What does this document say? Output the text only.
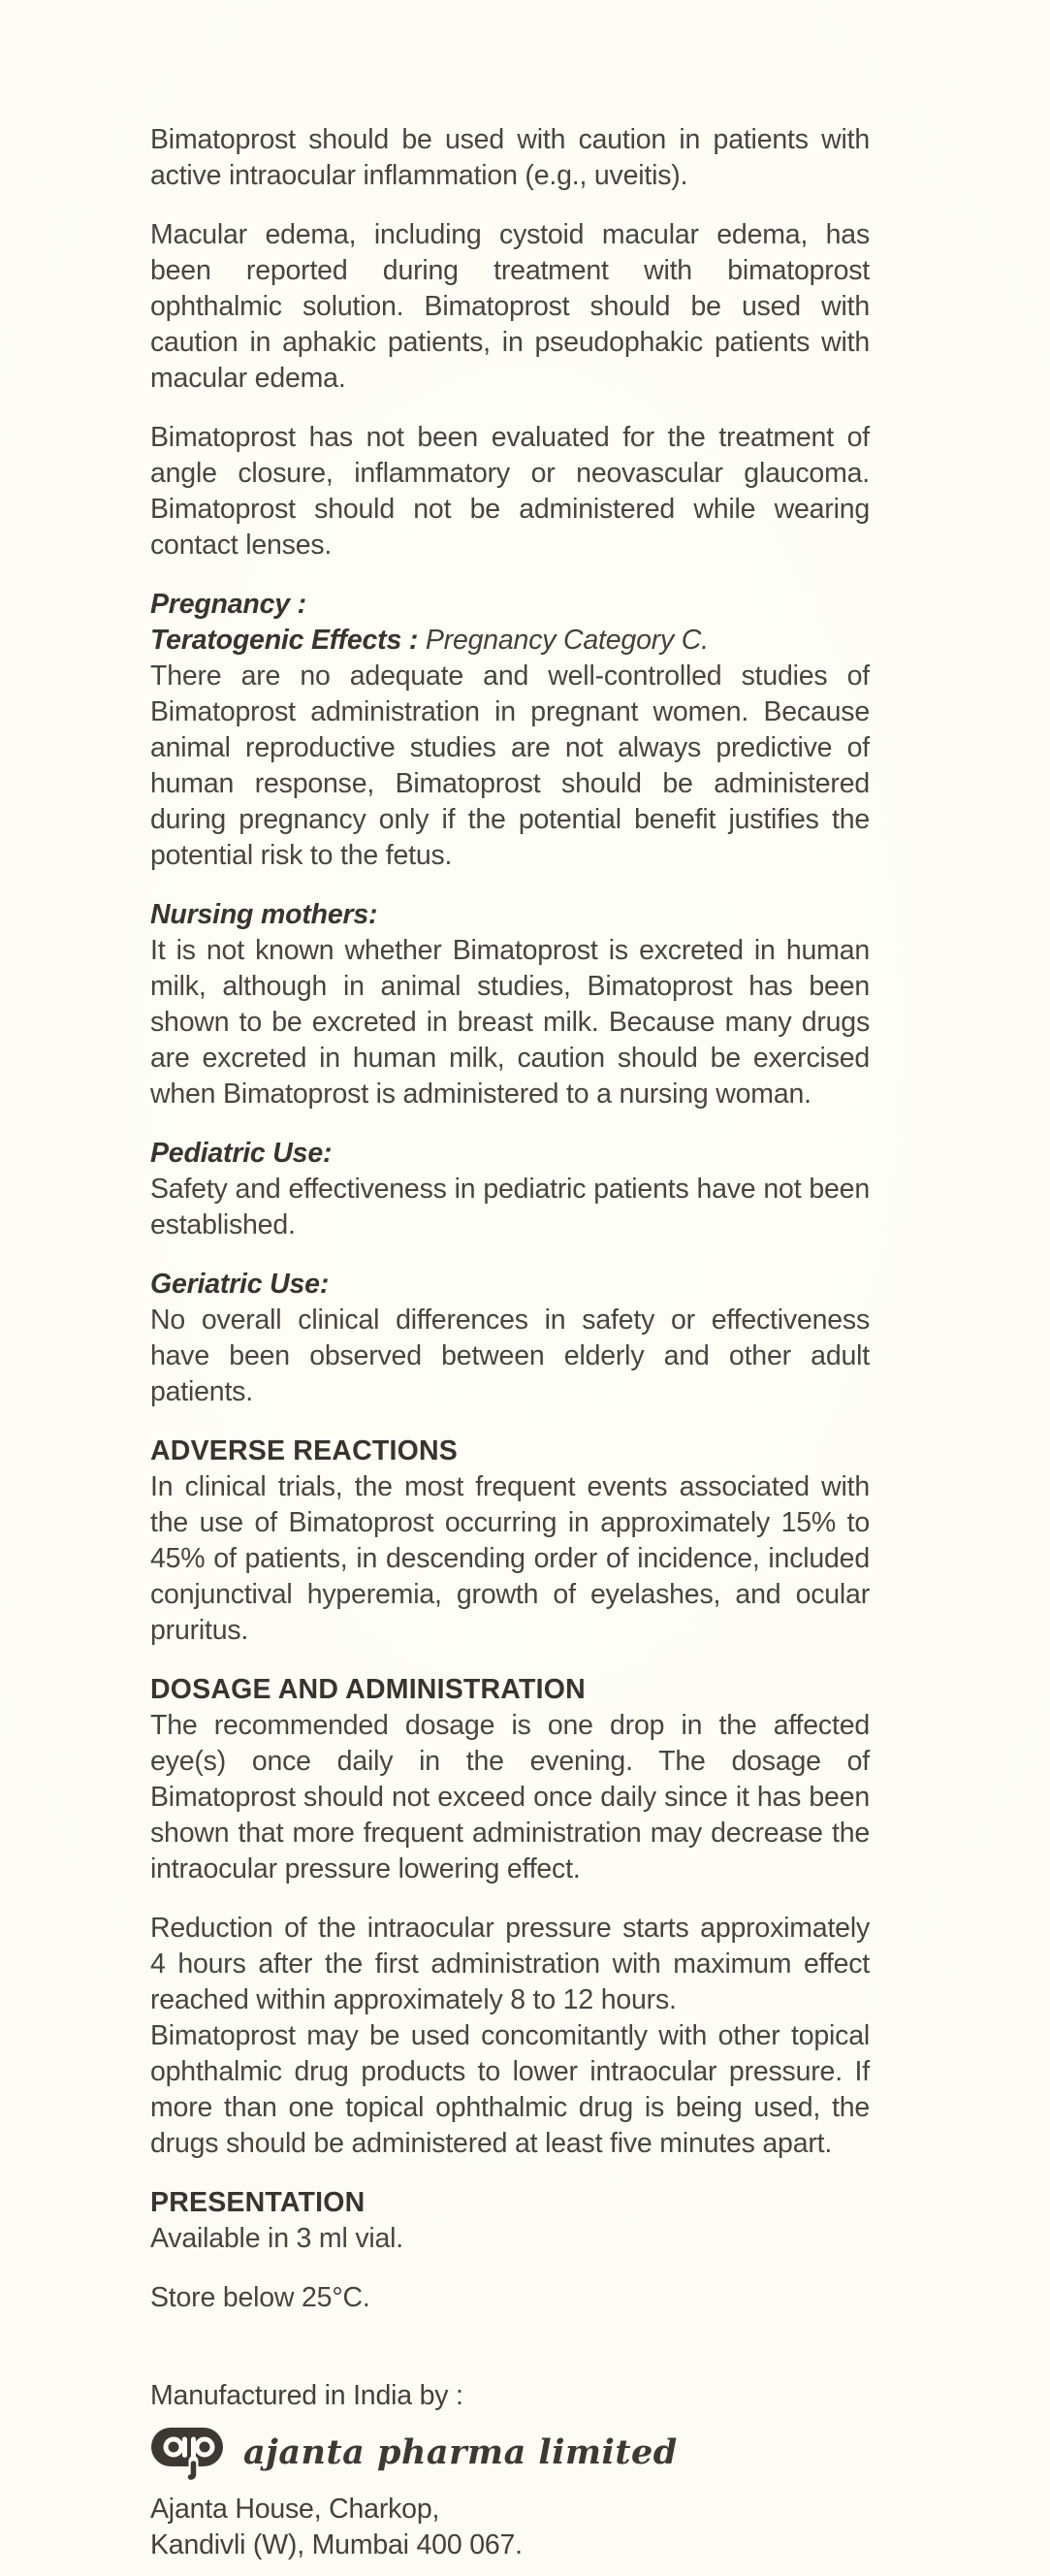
Bimatoprost should be used with caution in patients with active intraocular inflammation (e.g., uveitis).

Macular edema, including cystoid macular edema, has been reported during treatment with bimatoprost ophthalmic solution. Bimatoprost should be used with caution in aphakic patients, in pseudophakic patients with macular edema.

Bimatoprost has not been evaluated for the treatment of angle closure, inflammatory or neovascular glaucoma. Bimatoprost should not be administered while wearing contact lenses.

Pregnancy :

Teratogenic Effects : Pregnancy Category C.

There are no adequate and well-controlled studies of Bimatoprost administration in pregnant women. Because animal reproductive studies are not always predictive of human response, Bimatoprost should be administered during pregnancy only if the potential benefit justifies the potential risk to the fetus.

Nursing mothers:

It is not known whether Bimatoprost is excreted in human milk, although in animal studies, Bimatoprost has been shown to be excreted in breast milk. Because many drugs are excreted in human milk, caution should be exercised when Bimatoprost is administered to a nursing woman.

Pediatric Use:

Safety and effectiveness in pediatric patients have not been established.

Geriatric Use:

No overall clinical differences in safety or effectiveness have been observed between elderly and other adult patients.

ADVERSE REACTIONS

In clinical trials, the most frequent events associated with the use of Bimatoprost occurring in approximately 15% to 45% of patients, in descending order of incidence, included conjunctival hyperemia, growth of eyelashes, and ocular pruritus.

DOSAGE AND ADMINISTRATION

The recommended dosage is one drop in the affected eye(s) once daily in the evening. The dosage of Bimatoprost should not exceed once daily since it has been shown that more frequent administration may decrease the intraocular pressure lowering effect.

Reduction of the intraocular pressure starts approximately 4 hours after the first administration with maximum effect reached within approximately 8 to 12 hours.

Bimatoprost may be used concomitantly with other topical ophthalmic drug products to lower intraocular pressure. If more than one topical ophthalmic drug is being used, the drugs should be administered at least five minutes apart.

PRESENTATION

Available in 3 ml vial.

Store below 25°C.

Manufactured in India by :

ajanta pharma limited

Ajanta House, Charkop,

Kandivli (W), Mumbai 400 067.
